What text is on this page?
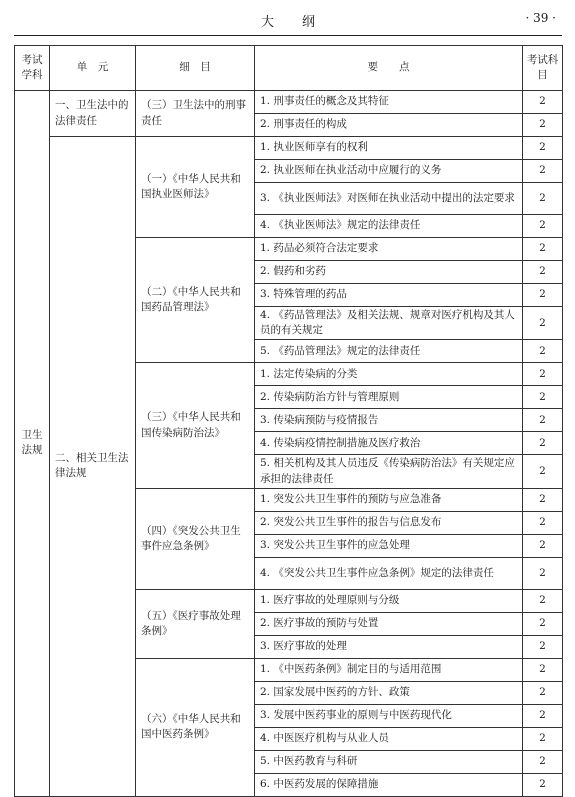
大纲	· 39 ·
考试学科	单　元	细　目	要　　点	考试科目
卫生法规	一、卫生法中的法律责任	（三）卫生法中的刑事责任	1. 刑事责任的概念及其特征	2
			2. 刑事责任的构成	2
	二、相关卫生法律法规	（一）《中华人民共和国执业医师法》	1. 执业医师享有的权利	2
			2. 执业医师在执业活动中应履行的义务	2
			3. 《执业医师法》对医师在执业活动中提出的法定要求	2
			4. 《执业医师法》规定的法律责任	2
		（二）《中华人民共和国药品管理法》	1. 药品必须符合法定要求	2
			2. 假药和劣药	2
			3. 特殊管理的药品	2
			4. 《药品管理法》及相关法规、规章对医疗机构及其人员的有关规定	2
			5. 《药品管理法》规定的法律责任	2
		（三）《中华人民共和国传染病防治法》	1. 法定传染病的分类	2
			2. 传染病防治方针与管理原则	2
			3. 传染病预防与疫情报告	2
			4. 传染病疫情控制措施及医疗救治	2
			5. 相关机构及其人员违反《传染病防治法》有关规定应承担的法律责任	2
		（四）《突发公共卫生事件应急条例》	1. 突发公共卫生事件的预防与应急准备	2
			2. 突发公共卫生事件的报告与信息发布	2
			3. 突发公共卫生事件的应急处理	2
			4. 《突发公共卫生事件应急条例》规定的法律责任	2
		（五）《医疗事故处理条例》	1. 医疗事故的处理原则与分级	2
			2. 医疗事故的预防与处置	2
			3. 医疗事故的处理	2
		（六）《中华人民共和国中医药条例》	1. 《中医药条例》制定目的与适用范围	2
			2. 国家发展中医药的方针、政策	2
			3. 发展中医药事业的原则与中医药现代化	2
			4. 中医医疗机构与从业人员	2
			5. 中医药教育与科研	2
			6. 中医药发展的保障措施	2
